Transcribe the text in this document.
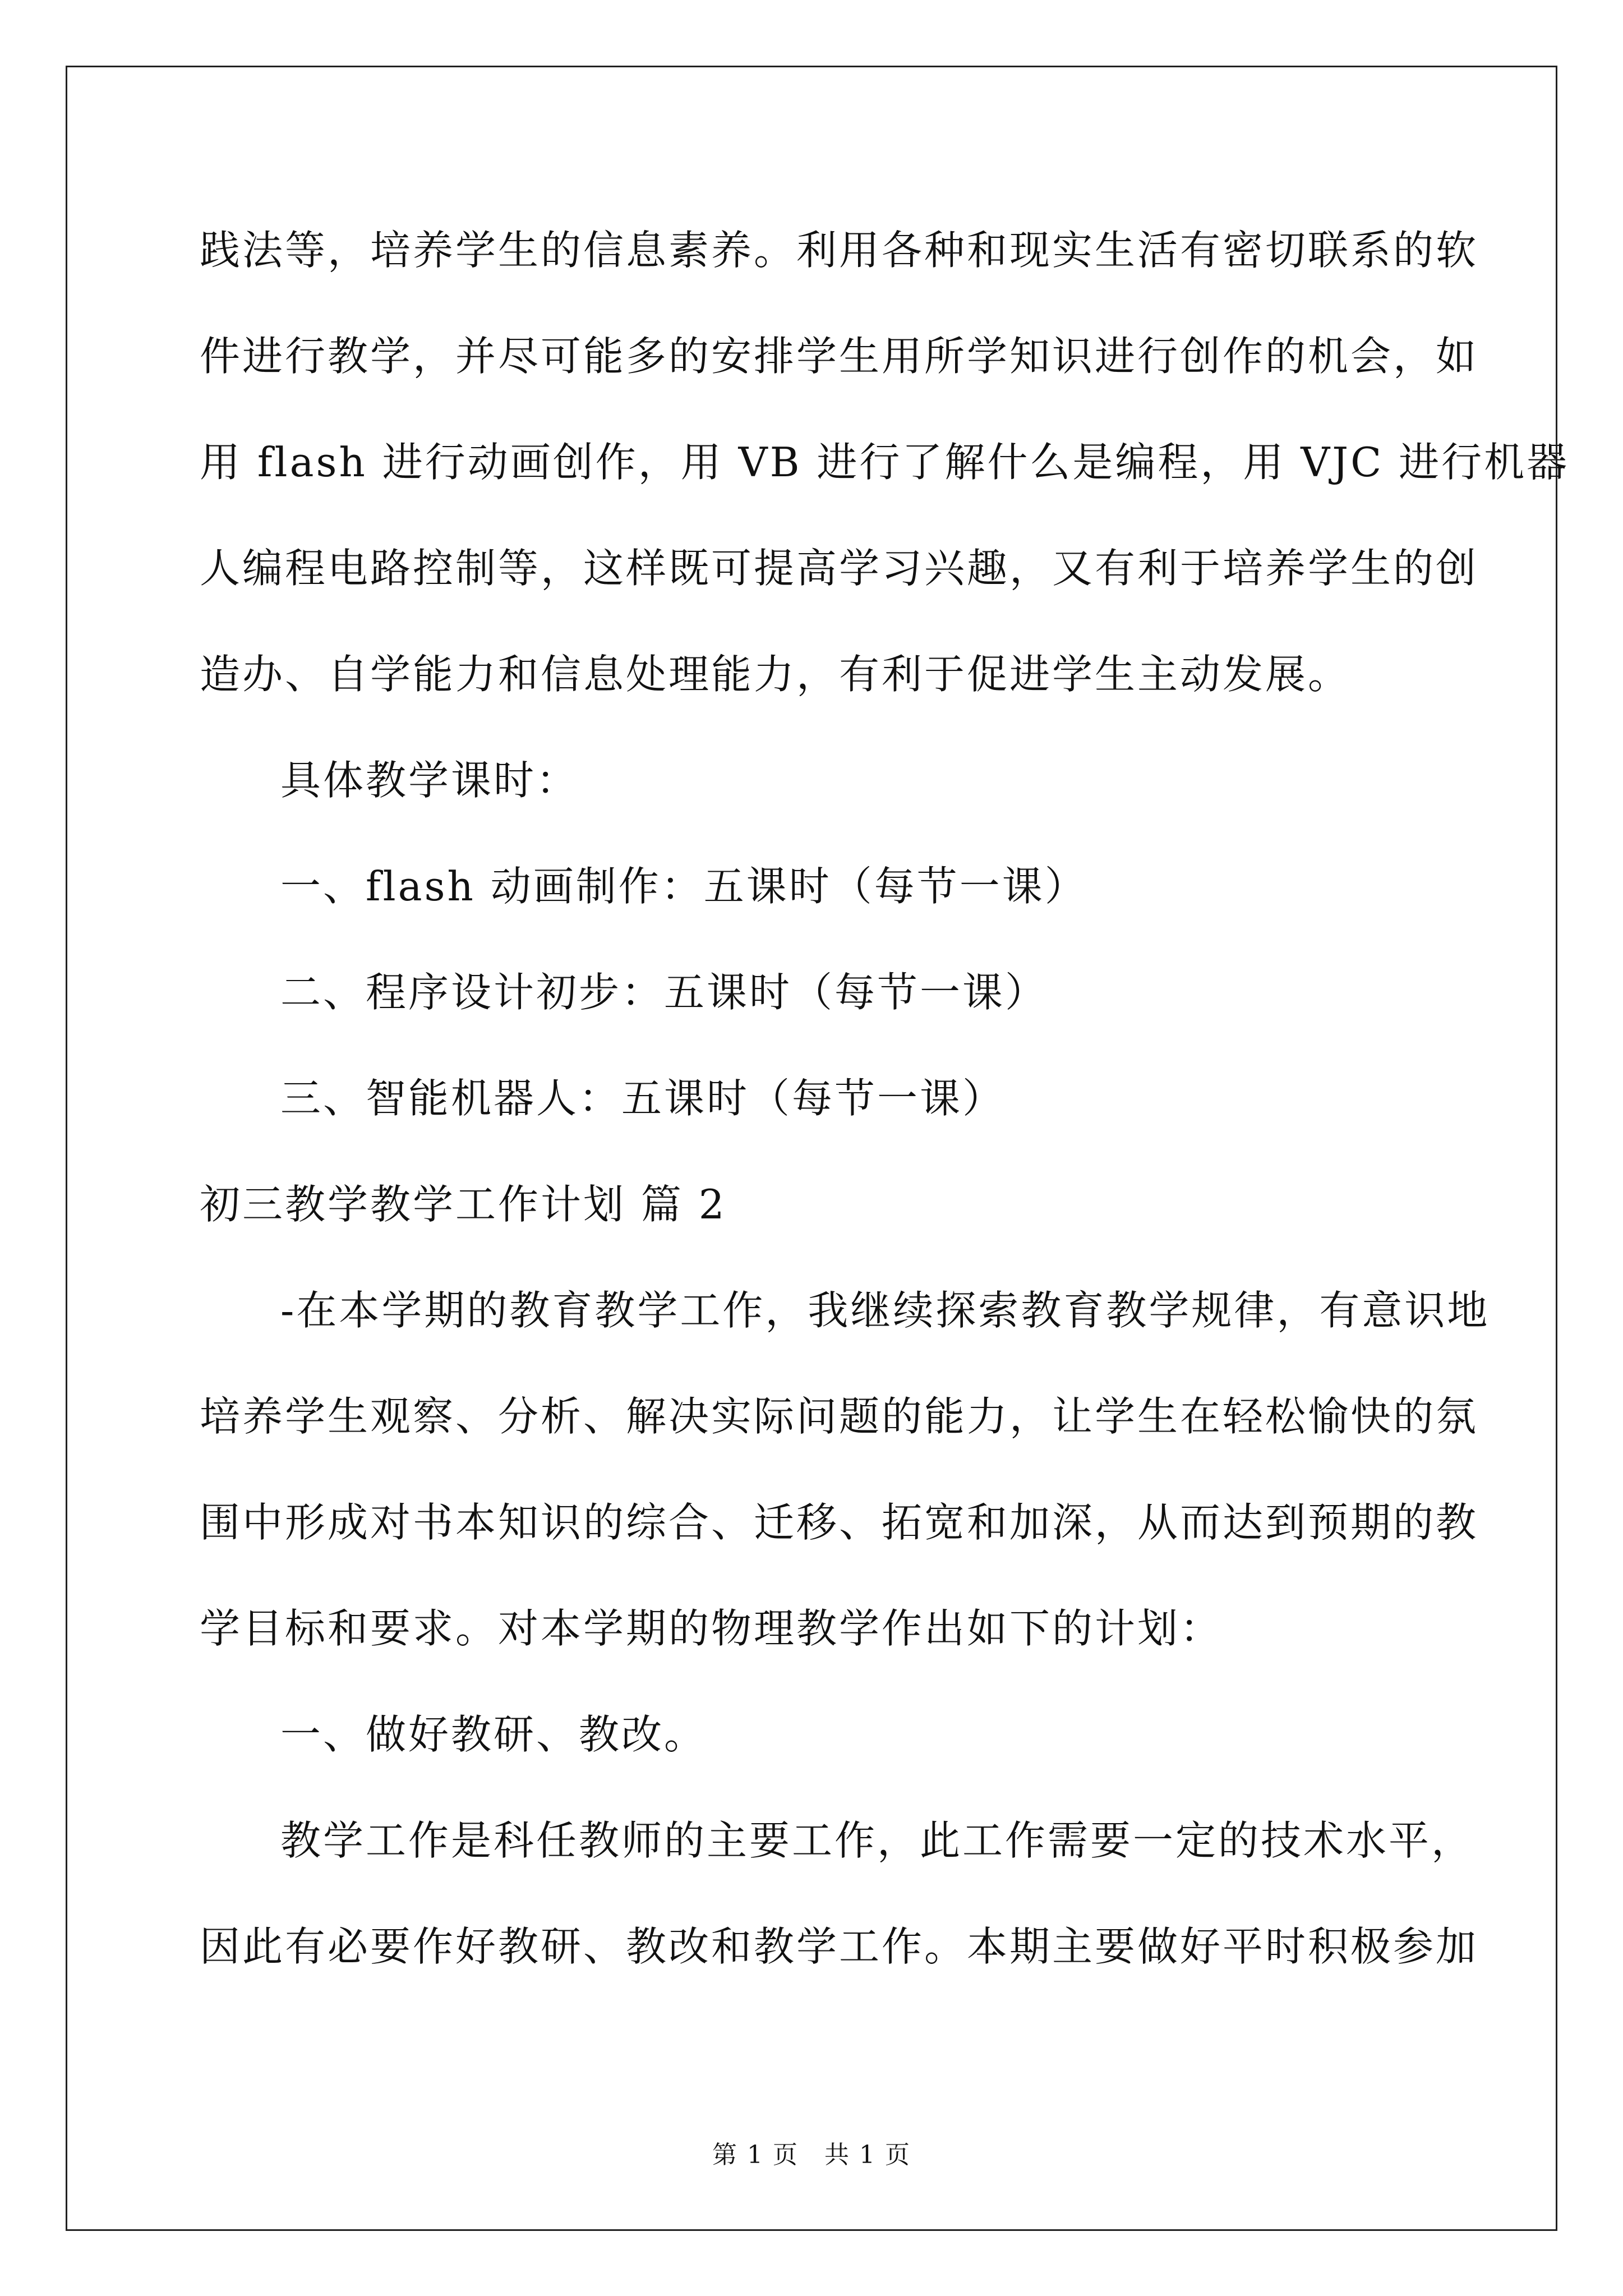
践法等，培养学生的信息素养。利用各种和现实生活有密切联系的软
件进行教学，并尽可能多的安排学生用所学知识进行创作的机会，如
用 flash 进行动画创作，用 VB 进行了解什么是编程，用 VJC 进行机器
人编程电路控制等，这样既可提高学习兴趣，又有利于培养学生的创
造办、自学能力和信息处理能力，有利于促进学生主动发展。
具体教学课时：
一、flash 动画制作：五课时（每节一课）
二、程序设计初步：五课时（每节一课）
三、智能机器人：五课时（每节一课）
初三教学教学工作计划 篇 2
-在本学期的教育教学工作，我继续探索教育教学规律，有意识地
培养学生观察、分析、解决实际问题的能力，让学生在轻松愉快的氛
围中形成对书本知识的综合、迁移、拓宽和加深，从而达到预期的教
学目标和要求。对本学期的物理教学作出如下的计划：
一、做好教研、教改。
教学工作是科任教师的主要工作，此工作需要一定的技术水平，
因此有必要作好教研、教改和教学工作。本期主要做好平时积极参加
第 1 页　共 1 页
